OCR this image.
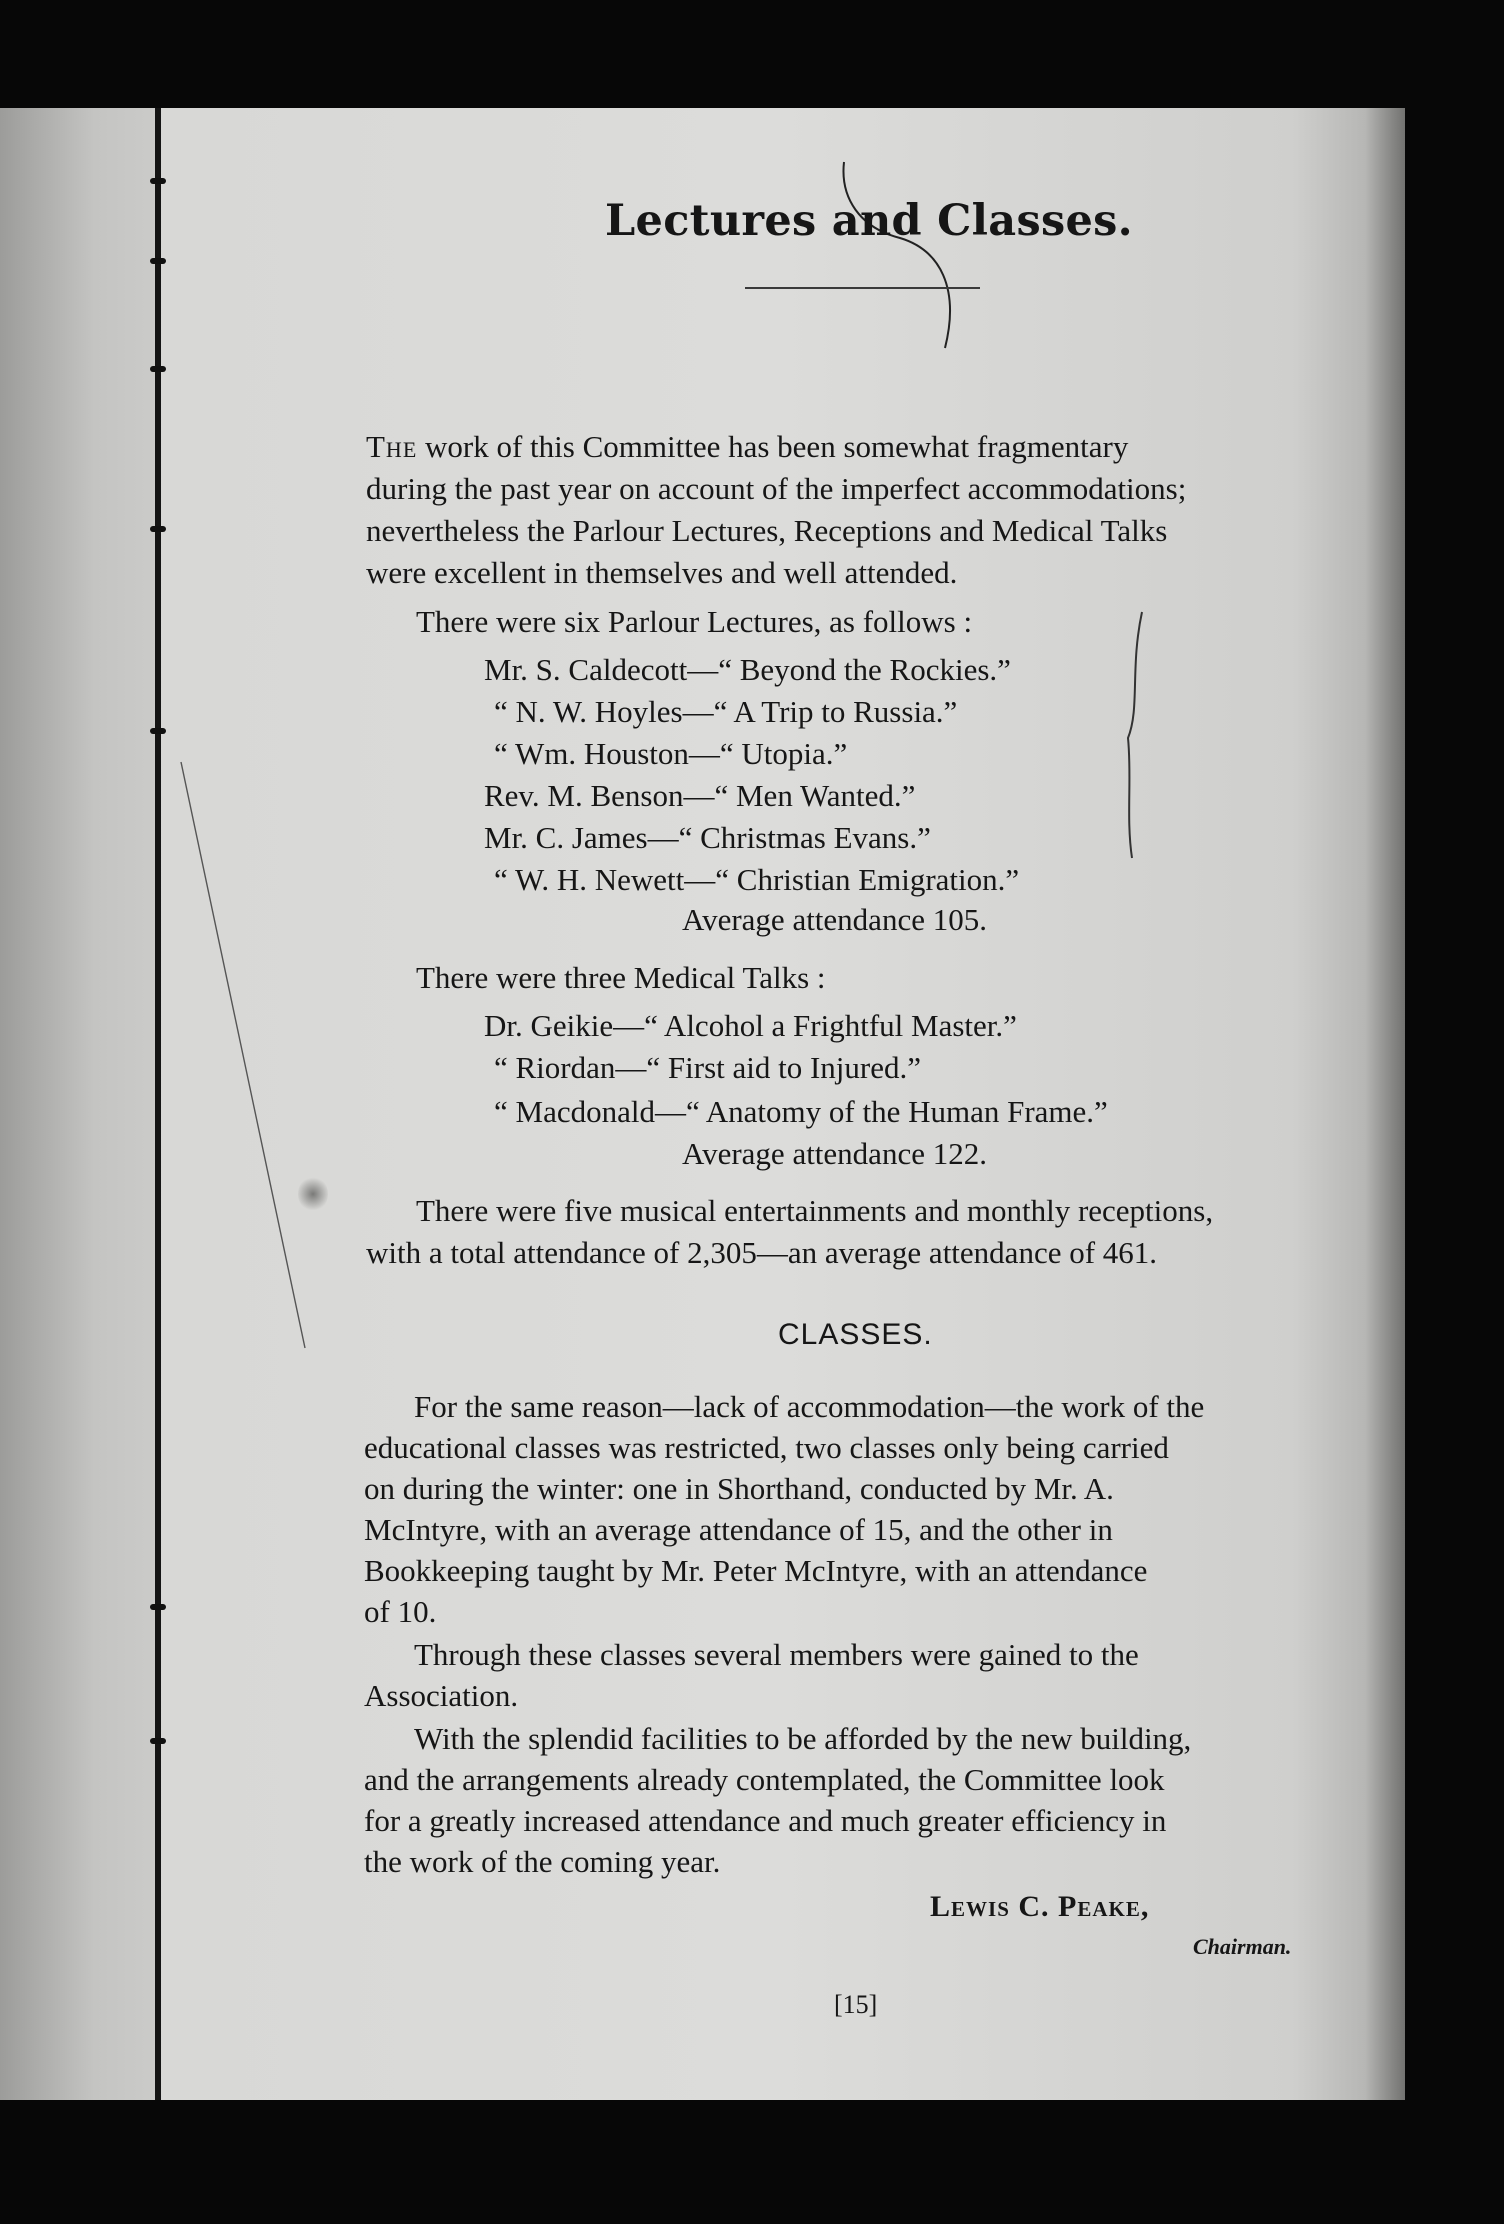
Lectures and Classes.
The work of this Committee has been somewhat fragmentary
during the past year on account of the imperfect accommodations;
nevertheless the Parlour Lectures, Receptions and Medical Talks
were excellent in themselves and well attended.
There were six Parlour Lectures, as follows :
Mr. S. Caldecott—“ Beyond the Rockies.”
“ N. W. Hoyles—“ A Trip to Russia.”
“ Wm. Houston—“ Utopia.”
Rev. M. Benson—“ Men Wanted.”
Mr. C. James—“ Christmas Evans.”
“ W. H. Newett—“ Christian Emigration.”
Average attendance 105.
There were three Medical Talks :
Dr. Geikie—“ Alcohol a Frightful Master.”
“ Riordan—“ First aid to Injured.”
“ Macdonald—“ Anatomy of the Human Frame.”
Average attendance 122.
There were five musical entertainments and monthly receptions,
with a total attendance of 2,305—an average attendance of 461.
CLASSES.
For the same reason—lack of accommodation—the work of the
educational classes was restricted, two classes only being carried
on during the winter: one in Shorthand, conducted by Mr. A.
McIntyre, with an average attendance of 15, and the other in
Bookkeeping taught by Mr. Peter McIntyre, with an attendance
of 10.
Through these classes several members were gained to the
Association.
With the splendid facilities to be afforded by the new building,
and the arrangements already contemplated, the Committee look
for a greatly increased attendance and much greater efficiency in
the work of the coming year.
Lewis C. Peake,
Chairman.
[15]
